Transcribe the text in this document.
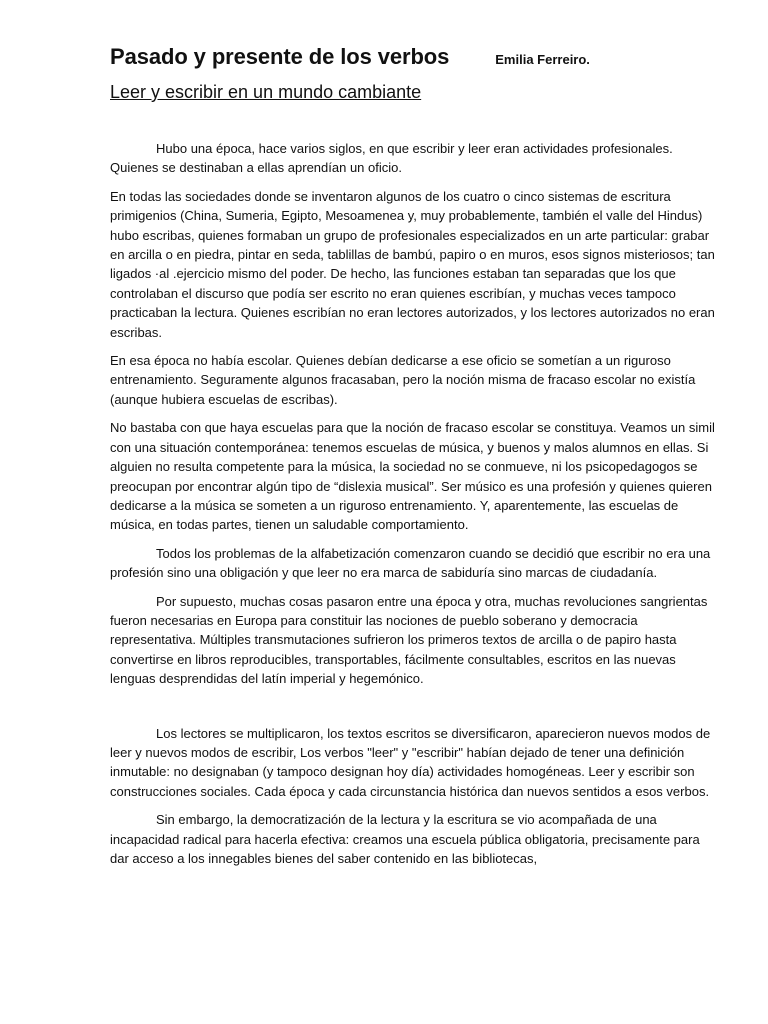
Pasado y presente de los verbos	Emilia Ferreiro.
Leer y escribir en un mundo cambiante

Hubo una época, hace varios siglos, en que escribir y leer eran actividades profesionales. Quienes se destinaban a ellas aprendían un oficio.

En todas las sociedades donde se inventaron algunos de los cuatro o cinco sistemas de escritura primigenios (China, Sumeria, Egipto, Mesoamenea y, muy probablemente, también el valle del Hindus) hubo escribas, quienes formaban un grupo de profesionales especializados en un arte particular: grabar en arcilla o en piedra, pintar en seda, tablillas de bambú, papiro o en muros, esos signos misteriosos; tan ligados ·al .ejercicio mismo del poder. De hecho, las funciones estaban tan separadas que los que controlaban el discurso que podía ser escrito no eran quienes escribían, y muchas veces tampoco practicaban la lectura. Quienes escribían no eran lectores autorizados, y los lectores autorizados no eran escribas.

En esa época no había escolar. Quienes debían dedicarse a ese oficio se sometían a un riguroso entrenamiento. Seguramente algunos fracasaban, pero la noción misma de fracaso escolar no existía (aunque hubiera escuelas de escribas).

No bastaba con que haya escuelas para que la noción de fracaso escolar se constituya. Veamos un simil con una situación contemporánea: tenemos escuelas de música, y buenos y malos alumnos en ellas. Si alguien no resulta competente para la música, la sociedad no se conmueve, ni los psicopedagogos se preocupan por encontrar algún tipo de “dislexia musical”. Ser músico es una profesión y quienes quieren dedicarse a la música se someten a un riguroso entrenamiento. Y, aparentemente, las escuelas de música, en todas partes, tienen un saludable comportamiento.

Todos los problemas de la alfabetización comenzaron cuando se decidió que escribir no era una profesión sino una obligación y que leer no era marca de sabiduría sino marcas de ciudadanía.

Por supuesto, muchas cosas pasaron entre una época y otra, muchas revoluciones sangrientas fueron necesarias en Europa para constituir las nociones de pueblo soberano y democracia representativa. Múltiples transmutaciones sufrieron los primeros textos de arcilla o de papiro hasta convertirse en libros reproducibles, transportables, fácilmente consultables, escritos en las nuevas lenguas desprendidas del latín imperial y hegemónico.

Los lectores se multiplicaron, los textos escritos se diversificaron, aparecieron nuevos modos de leer y nuevos modos de escribir, Los verbos "leer" y "escribir" habían dejado de tener una definición inmutable: no designaban (y tampoco designan hoy día) actividades homogéneas. Leer y escribir son construcciones sociales. Cada época y cada circunstancia histórica dan nuevos sentidos a esos verbos.

Sin embargo, la democratización de la lectura y la escritura se vio acompañada de una incapacidad radical para hacerla efectiva: creamos una escuela pública obligatoria, precisamente para dar acceso a los innegables bienes del saber contenido en las bibliotecas,
